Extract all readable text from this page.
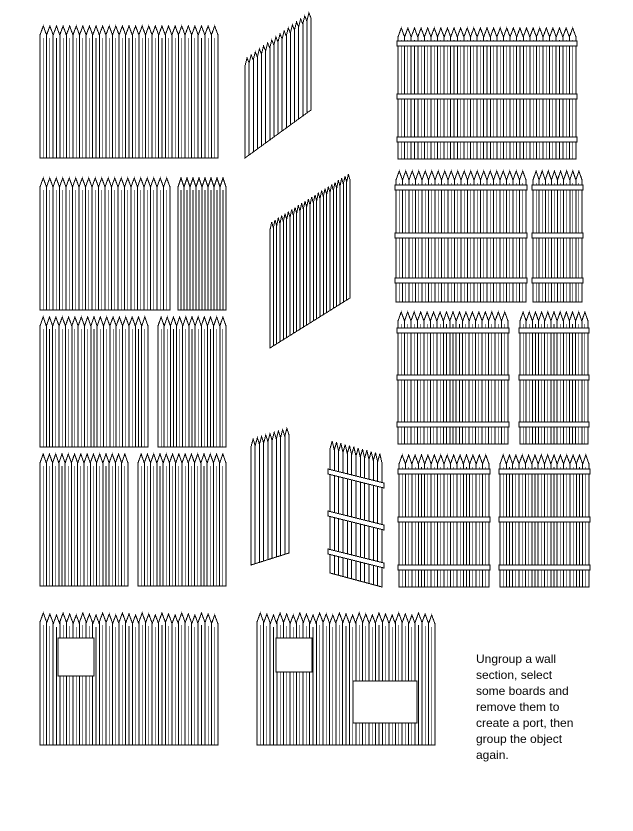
Ungroup a wall
section, select
some boards and
remove them to
create a port, then
group the object
again.
